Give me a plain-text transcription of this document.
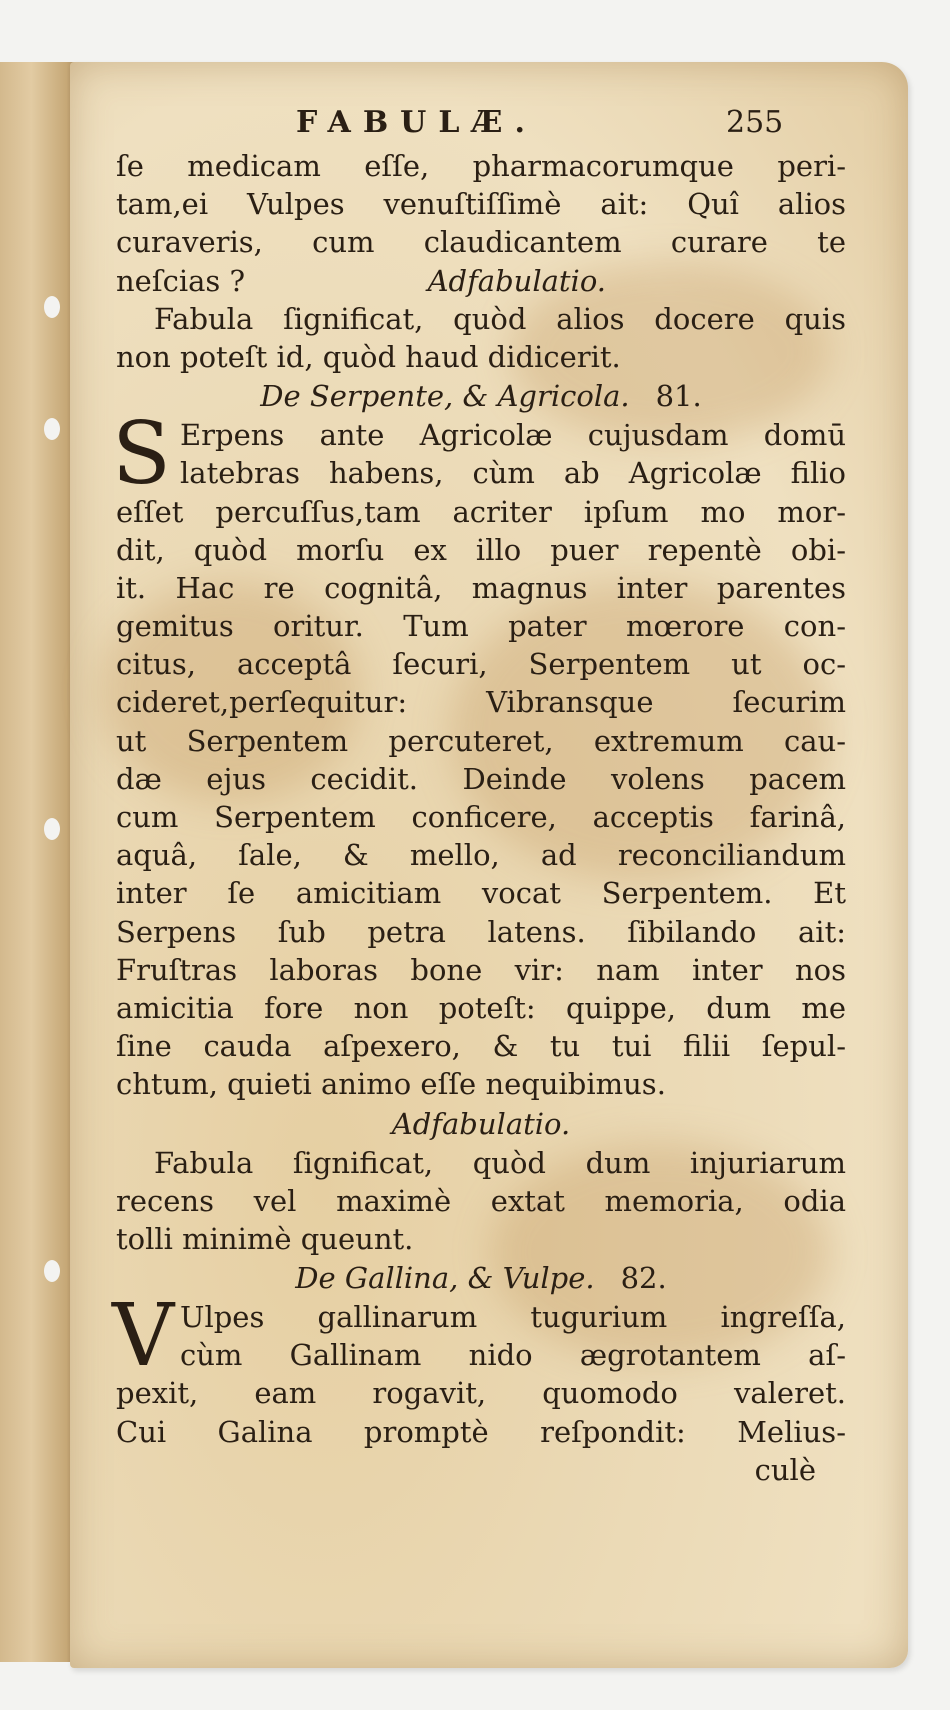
FABULÆ.	255
ſe medicam eſſe, pharmacorumque peri-
tam,ei Vulpes venuſtiſſimè ait: Quî alios
curaveris, cum claudicantem curare te
neſcias ?	Adfabulatio.
Fabula ſignificat, quòd alios docere quis
non poteſt id, quòd haud didicerit.
De Serpente, & Agricola. 81.
S Erpens ante Agricolæ cujusdam domū
latebras habens, cùm ab Agricolæ filio
eſſet percuſſus,tam acriter ipſum mo mor-
dit, quòd morſu ex illo puer repentè obi-
it. Hac re cognitâ, magnus inter parentes
gemitus oritur. Tum pater mœrore con-
citus, acceptâ ſecuri, Serpentem ut oc-
cideret,perſequitur: Vibransque ſecurim
ut Serpentem percuteret, extremum cau-
dæ ejus cecidit. Deinde volens pacem
cum Serpentem conficere, acceptis farinâ,
aquâ, ſale, & mello, ad reconciliandum
inter ſe amicitiam vocat Serpentem. Et
Serpens ſub petra latens. ſibilando ait:
Fruſtras laboras bone vir: nam inter nos
amicitia fore non poteſt: quippe, dum me
ſine cauda aſpexero, & tu tui filii ſepul-
chtum, quieti animo eſſe nequibimus.
Adfabulatio.
Fabula ſignificat, quòd dum injuriarum
recens vel maximè extat memoria, odia
tolli minimè queunt.
De Gallina, & Vulpe. 82.
V Ulpes gallinarum tugurium ingreſſa,
cùm Gallinam nido ægrotantem aſ-
pexit, eam rogavit, quomodo valeret.
Cui Galina promptè reſpondit: Melius-
culè
